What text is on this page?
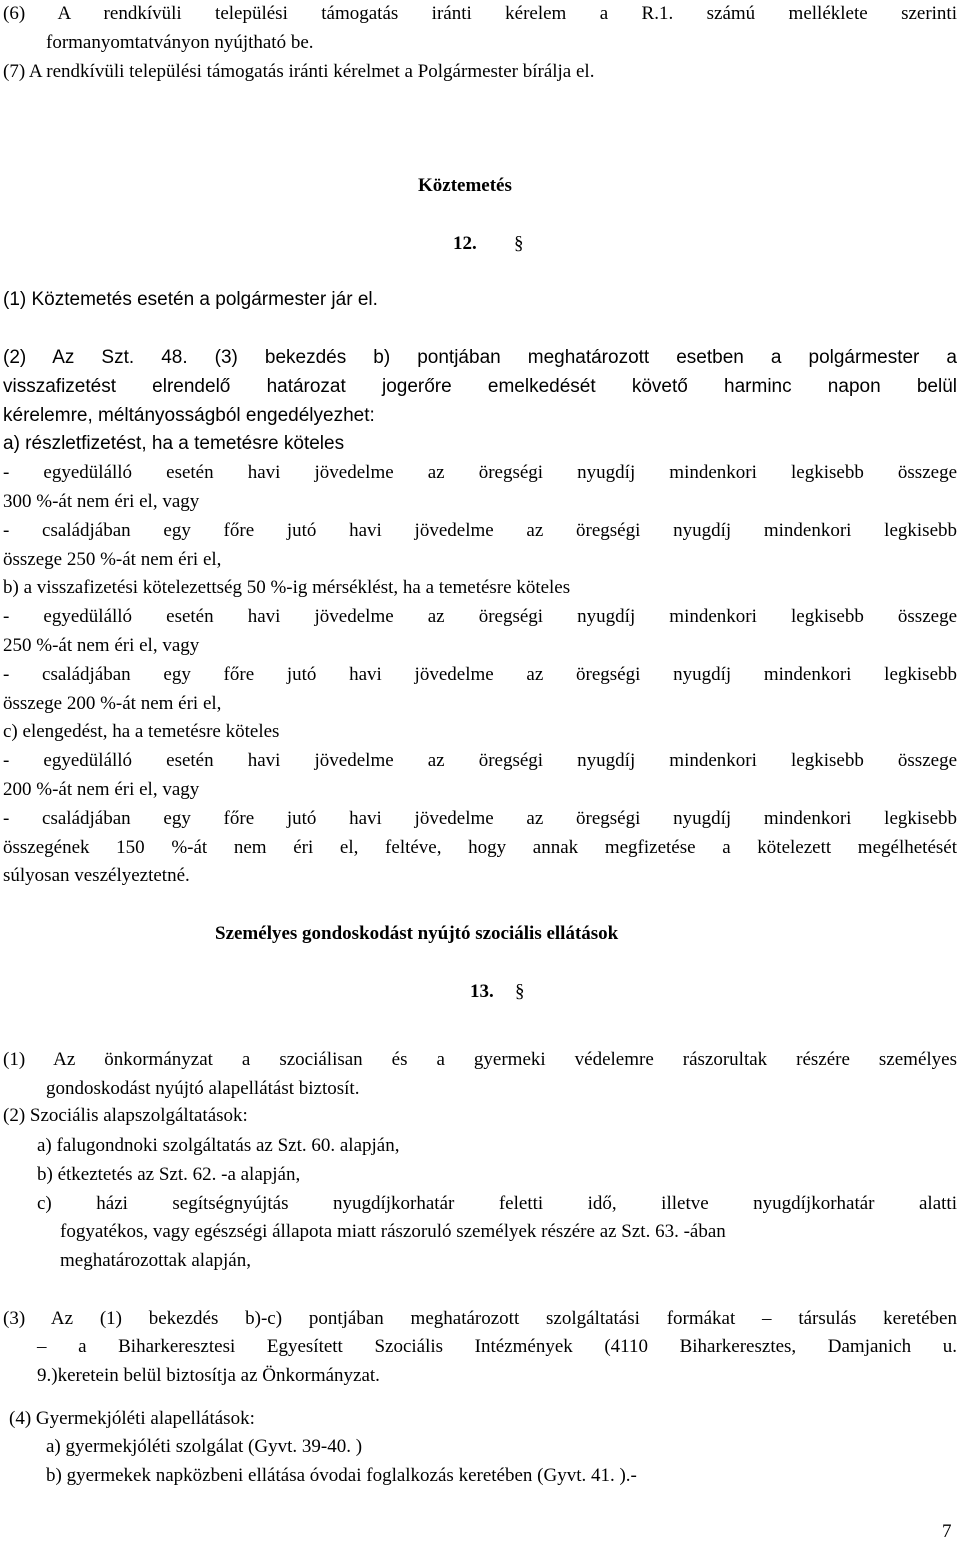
(6) A rendkívüli települési támogatás iránti kérelem a R.1. számú melléklete szerinti
formanyomtatványon nyújtható be.
(7) A rendkívüli települési támogatás iránti kérelmet a Polgármester bírálja el.
Köztemetés
12. §
(1) Köztemetés esetén a polgármester jár el.
(2) Az Szt. 48. (3) bekezdés b) pontjában meghatározott esetben a polgármester a
visszafizetést elrendelő határozat jogerőre emelkedését követő harminc napon belül
kérelemre, méltányosságból engedélyezhet:
a) részletfizetést, ha a temetésre köteles
- egyedülálló esetén havi jövedelme az öregségi nyugdíj mindenkori legkisebb összege
300 %-át nem éri el, vagy
- családjában egy főre jutó havi jövedelme az öregségi nyugdíj mindenkori legkisebb
összege 250 %-át nem éri el,
b) a visszafizetési kötelezettség 50 %-ig mérséklést, ha a temetésre köteles
- egyedülálló esetén havi jövedelme az öregségi nyugdíj mindenkori legkisebb összege
250 %-át nem éri el, vagy
- családjában egy főre jutó havi jövedelme az öregségi nyugdíj mindenkori legkisebb
összege 200 %-át nem éri el,
c) elengedést, ha a temetésre köteles
- egyedülálló esetén havi jövedelme az öregségi nyugdíj mindenkori legkisebb összege
200 %-át nem éri el, vagy
- családjában egy főre jutó havi jövedelme az öregségi nyugdíj mindenkori legkisebb
összegének 150 %-át nem éri el, feltéve, hogy annak megfizetése a kötelezett megélhetését
súlyosan veszélyeztetné.
Személyes gondoskodást nyújtó szociális ellátások
13. §
(1) Az önkormányzat a szociálisan és a gyermeki védelemre rászorultak részére személyes
gondoskodást nyújtó alapellátást biztosít.
(2) Szociális alapszolgáltatások:
a) falugondnoki szolgáltatás az Szt. 60. alapján,
b) étkeztetés az Szt. 62. -a alapján,
c) házi segítségnyújtás nyugdíjkorhatár feletti idő, illetve nyugdíjkorhatár alatti
fogyatékos, vagy egészségi állapota miatt rászoruló személyek részére az Szt. 63. -ában
meghatározottak alapján,
(3) Az (1) bekezdés b)-c) pontjában meghatározott szolgáltatási formákat – társulás keretében
– a Biharkeresztesi Egyesített Szociális Intézmények (4110 Biharkeresztes, Damjanich u.
9.)keretein belül biztosítja az Önkormányzat.
(4) Gyermekjóléti alapellátások:
a) gyermekjóléti szolgálat (Gyvt. 39-40. )
b) gyermekek napközbeni ellátása óvodai foglalkozás keretében (Gyvt. 41. ).-
7
